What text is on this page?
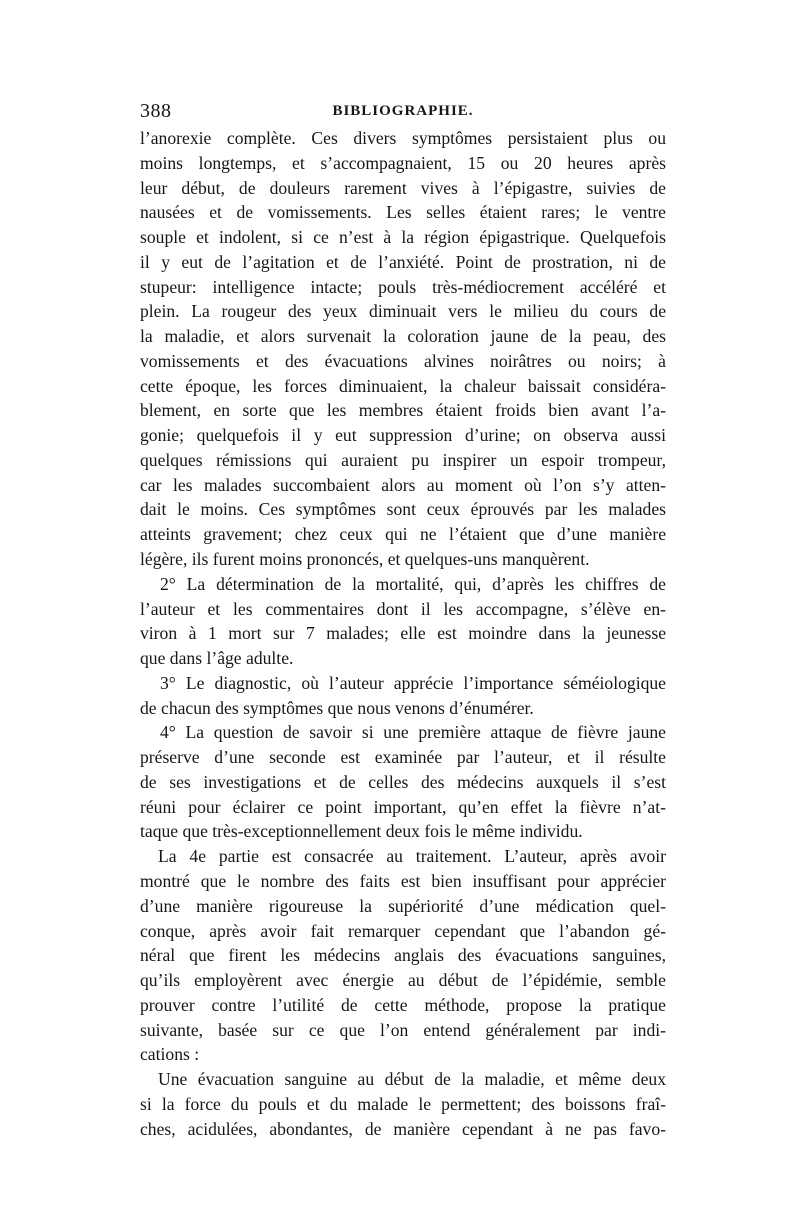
388	BIBLIOGRAPHIE.
l’anorexie complète. Ces divers symptômes persistaient plus ou
moins longtemps, et s’accompagnaient, 15 ou 20 heures après
leur début, de douleurs rarement vives à l’épigastre, suivies de
nausées et de vomissements. Les selles étaient rares; le ventre
souple et indolent, si ce n’est à la région épigastrique. Quelquefois
il y eut de l’agitation et de l’anxiété. Point de prostration, ni de
stupeur: intelligence intacte; pouls très-médiocrement accéléré et
plein. La rougeur des yeux diminuait vers le milieu du cours de
la maladie, et alors survenait la coloration jaune de la peau, des
vomissements et des évacuations alvines noirâtres ou noirs; à
cette époque, les forces diminuaient, la chaleur baissait considéra-
blement, en sorte que les membres étaient froids bien avant l’a-
gonie; quelquefois il y eut suppression d’urine; on observa aussi
quelques rémissions qui auraient pu inspirer un espoir trompeur,
car les malades succombaient alors au moment où l’on s’y atten-
dait le moins. Ces symptômes sont ceux éprouvés par les malades
atteints gravement; chez ceux qui ne l’étaient que d’une manière
légère, ils furent moins prononcés, et quelques-uns manquèrent.
2° La détermination de la mortalité, qui, d’après les chiffres de
l’auteur et les commentaires dont il les accompagne, s’élève en-
viron à 1 mort sur 7 malades; elle est moindre dans la jeunesse
que dans l’âge adulte.
3° Le diagnostic, où l’auteur apprécie l’importance séméiologique
de chacun des symptômes que nous venons d’énumérer.
4° La question de savoir si une première attaque de fièvre jaune
préserve d’une seconde est examinée par l’auteur, et il résulte
de ses investigations et de celles des médecins auxquels il s’est
réuni pour éclairer ce point important, qu’en effet la fièvre n’at-
taque que très-exceptionnellement deux fois le même individu.
La 4e partie est consacrée au traitement. L’auteur, après avoir
montré que le nombre des faits est bien insuffisant pour apprécier
d’une manière rigoureuse la supériorité d’une médication quel-
conque, après avoir fait remarquer cependant que l’abandon gé-
néral que firent les médecins anglais des évacuations sanguines,
qu’ils employèrent avec énergie au début de l’épidémie, semble
prouver contre l’utilité de cette méthode, propose la pratique
suivante, basée sur ce que l’on entend généralement par indi-
cations :
Une évacuation sanguine au début de la maladie, et même deux
si la force du pouls et du malade le permettent; des boissons fraî-
ches, acidulées, abondantes, de manière cependant à ne pas favo-
